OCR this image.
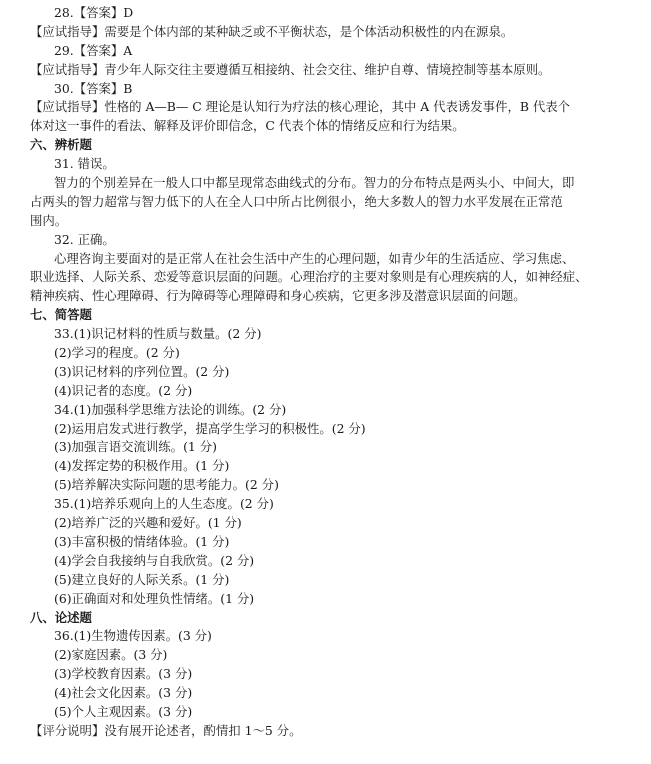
28.【答案】D
【应试指导】需要是个体内部的某种缺乏或不平衡状态，是个体活动积极性的内在源泉。
29.【答案】A
【应试指导】青少年人际交往主要遵循互相接纳、社会交往、维护自尊、情境控制等基本原则。
30.【答案】B
【应试指导】性格的 A—B— C 理论是认知行为疗法的核心理论，其中 A 代表诱发事件，B 代表个
体对这一事件的看法、解释及评价即信念，C 代表个体的情绪反应和行为结果。
六、辨析题
31. 错误。
智力的个别差异在一般人口中都呈现常态曲线式的分布。智力的分布特点是两头小、中间大，即
占两头的智力超常与智力低下的人在全人口中所占比例很小，绝大多数人的智力水平发展在正常范
围内。
32. 正确。
心理咨询主要面对的是正常人在社会生活中产生的心理问题，如青少年的生活适应、学习焦虑、
职业选择、人际关系、恋爱等意识层面的问题。心理治疗的主要对象则是有心理疾病的人，如神经症、
精神疾病、性心理障碍、行为障碍等心理障碍和身心疾病，它更多涉及潜意识层面的问题。
七、简答题
33.(1)识记材料的性质与数量。(2 分)
(2)学习的程度。(2 分)
(3)识记材料的序列位置。(2 分)
(4)识记者的态度。(2 分)
34.(1)加强科学思维方法论的训练。(2 分)
(2)运用启发式进行教学，提高学生学习的积极性。(2 分)
(3)加强言语交流训练。(1 分)
(4)发挥定势的积极作用。(1 分)
(5)培养解决实际问题的思考能力。(2 分)
35.(1)培养乐观向上的人生态度。(2 分)
(2)培养广泛的兴趣和爱好。(1 分)
(3)丰富积极的情绪体验。(1 分)
(4)学会自我接纳与自我欣赏。(2 分)
(5)建立良好的人际关系。(1 分)
(6)正确面对和处理负性情绪。(1 分)
八、论述题
36.(1)生物遗传因素。(3 分)
(2)家庭因素。(3 分)
(3)学校教育因素。(3 分)
(4)社会文化因素。(3 分)
(5)个人主观因素。(3 分)
【评分说明】没有展开论述者，酌情扣 1～5 分。
